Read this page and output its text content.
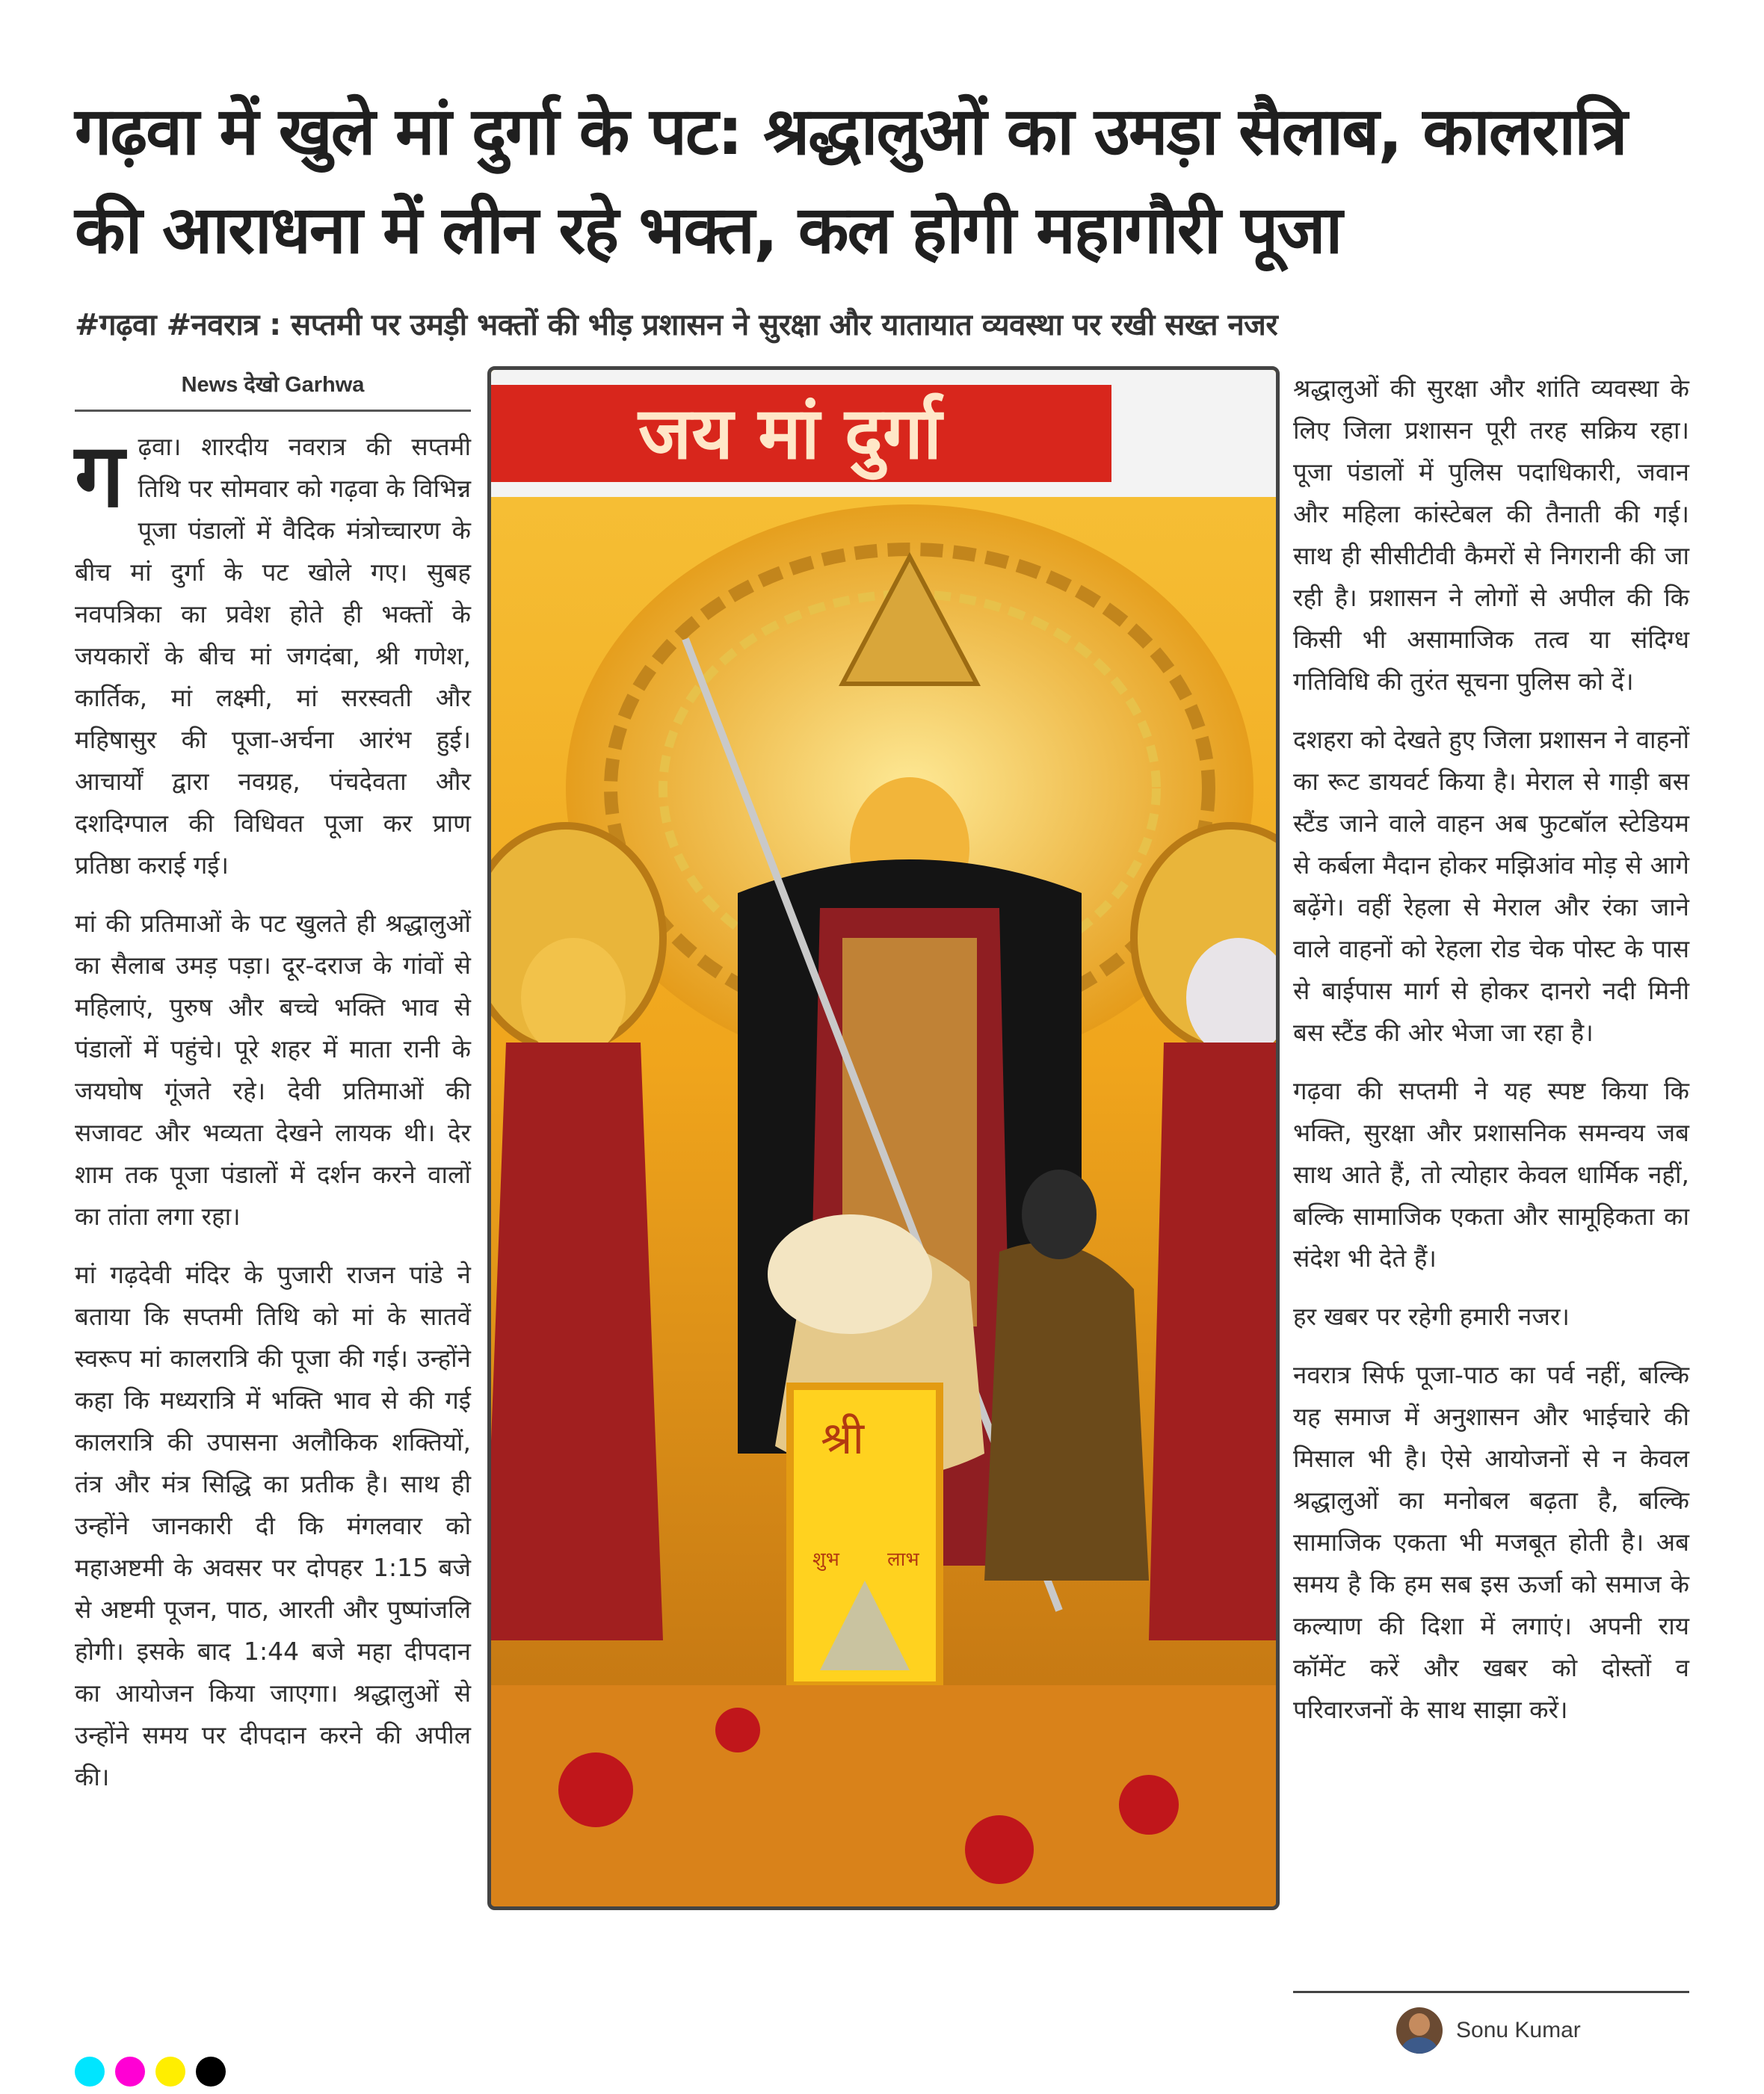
गढ़वा में खुले मां दुर्गा के पट: श्रद्धालुओं का उमड़ा सैलाब, कालरात्रि की आराधना में लीन रहे भक्त, कल होगी महागौरी पूजा
#गढ़वा #नवरात्र : सप्तमी पर उमड़ी भक्तों की भीड़ प्रशासन ने सुरक्षा और यातायात व्यवस्था पर रखी सख्त नजर
News देखो Garhwa

गढ़वा। शारदीय नवरात्र की सप्तमी तिथि पर सोमवार को गढ़वा के विभिन्न पूजा पंडालों में वैदिक मंत्रोच्चारण के बीच मां दुर्गा के पट खोले गए। सुबह नवपत्रिका का प्रवेश होते ही भक्तों के जयकारों के बीच मां जगदंबा, श्री गणेश, कार्तिक, मां लक्ष्मी, मां सरस्वती और महिषासुर की पूजा-अर्चना आरंभ हुई। आचार्यों द्वारा नवग्रह, पंचदेवता और दशदिग्पाल की विधिवत पूजा कर प्राण प्रतिष्ठा कराई गई।

मां की प्रतिमाओं के पट खुलते ही श्रद्धालुओं का सैलाब उमड़ पड़ा। दूर-दराज के गांवों से महिलाएं, पुरुष और बच्चे भक्ति भाव से पंडालों में पहुंचे। पूरे शहर में माता रानी के जयघोष गूंजते रहे। देवी प्रतिमाओं की सजावट और भव्यता देखने लायक थी। देर शाम तक पूजा पंडालों में दर्शन करने वालों का तांता लगा रहा।

मां गढ़देवी मंदिर के पुजारी राजन पांडे ने बताया कि सप्तमी तिथि को मां के सातवें स्वरूप मां कालरात्रि की पूजा की गई। उन्होंने कहा कि मध्यरात्रि में भक्ति भाव से की गई कालरात्रि की उपासना अलौकिक शक्तियों, तंत्र और मंत्र सिद्धि का प्रतीक है। साथ ही उन्होंने जानकारी दी कि मंगलवार को महाअष्टमी के अवसर पर दोपहर 1:15 बजे से अष्टमी पूजन, पाठ, आरती और पुष्पांजलि होगी। इसके बाद 1:44 बजे महा दीपदान का आयोजन किया जाएगा। श्रद्धालुओं से उन्होंने समय पर दीपदान करने की अपील की।

जय मां दुर्गा
श्री
शुभ लाभ

श्रद्धालुओं की सुरक्षा और शांति व्यवस्था के लिए जिला प्रशासन पूरी तरह सक्रिय रहा। पूजा पंडालों में पुलिस पदाधिकारी, जवान और महिला कांस्टेबल की तैनाती की गई। साथ ही सीसीटीवी कैमरों से निगरानी की जा रही है। प्रशासन ने लोगों से अपील की कि किसी भी असामाजिक तत्व या संदिग्ध गतिविधि की तुरंत सूचना पुलिस को दें।

दशहरा को देखते हुए जिला प्रशासन ने वाहनों का रूट डायवर्ट किया है। मेराल से गाड़ी बस स्टैंड जाने वाले वाहन अब फुटबॉल स्टेडियम से कर्बला मैदान होकर मझिआंव मोड़ से आगे बढ़ेंगे। वहीं रेहला से मेराल और रंका जाने वाले वाहनों को रेहला रोड चेक पोस्ट के पास से बाईपास मार्ग से होकर दानरो नदी मिनी बस स्टैंड की ओर भेजा जा रहा है।

गढ़वा की सप्तमी ने यह स्पष्ट किया कि भक्ति, सुरक्षा और प्रशासनिक समन्वय जब साथ आते हैं, तो त्योहार केवल धार्मिक नहीं, बल्कि सामाजिक एकता और सामूहिकता का संदेश भी देते हैं।

हर खबर पर रहेगी हमारी नजर।

नवरात्र सिर्फ पूजा-पाठ का पर्व नहीं, बल्कि यह समाज में अनुशासन और भाईचारे की मिसाल भी है। ऐसे आयोजनों से न केवल श्रद्धालुओं का मनोबल बढ़ता है, बल्कि सामाजिक एकता भी मजबूत होती है। अब समय है कि हम सब इस ऊर्जा को समाज के कल्याण की दिशा में लगाएं। अपनी राय कॉमेंट करें और खबर को दोस्तों व परिवारजनों के साथ साझा करें।

Sonu Kumar
